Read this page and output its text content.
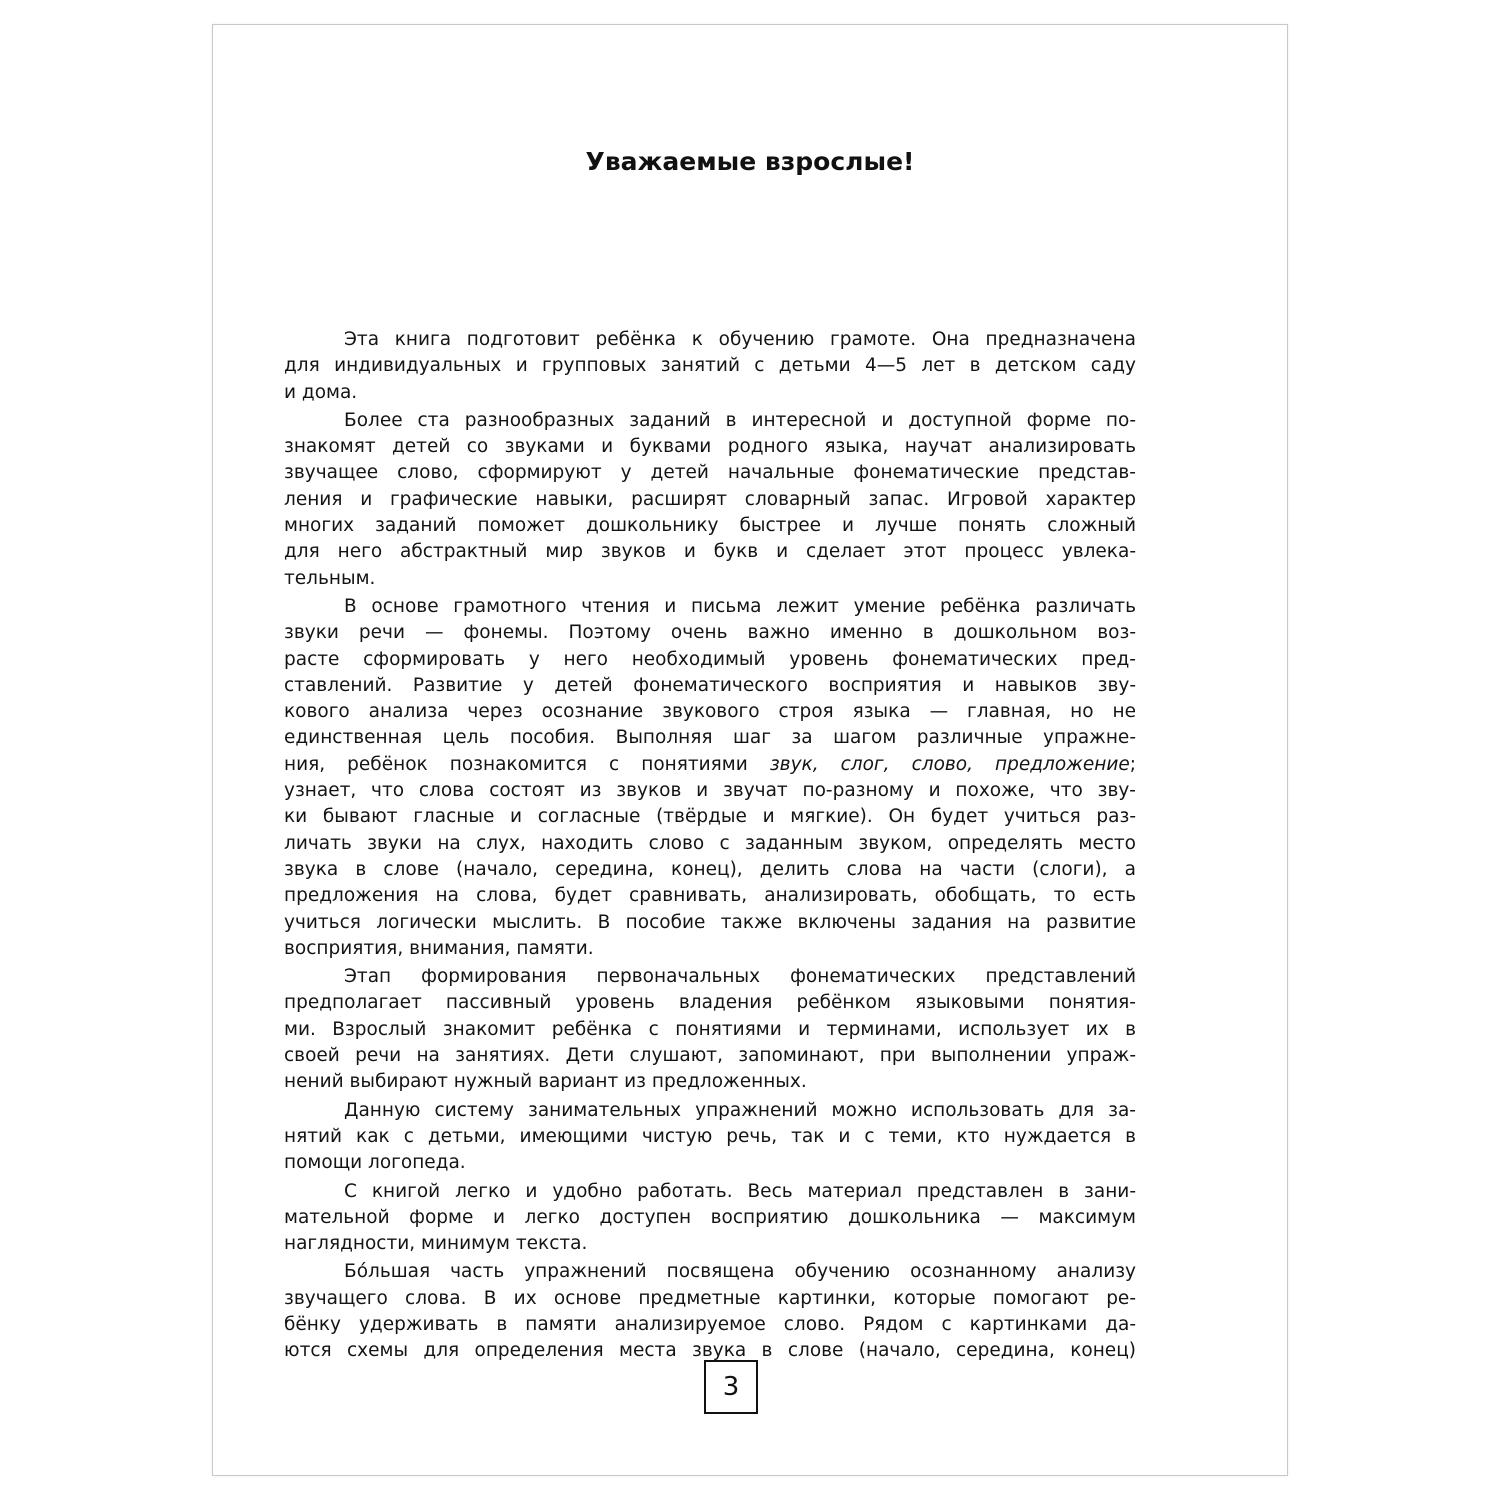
Уважаемые взрослые!
Эта книга подготовит ребёнка к обучению грамоте. Она предназначена
для индивидуальных и групповых занятий с детьми 4—5 лет в детском саду
и дома.
Более ста разнообразных заданий в интересной и доступной форме по-
знакомят детей со звуками и буквами родного языка, научат анализировать
звучащее слово, сформируют у детей начальные фонематические представ-
ления и графические навыки, расширят словарный запас. Игровой характер
многих заданий поможет дошкольнику быстрее и лучше понять сложный
для него абстрактный мир звуков и букв и сделает этот процесс увлека-
тельным.
В основе грамотного чтения и письма лежит умение ребёнка различать
звуки речи — фонемы. Поэтому очень важно именно в дошкольном воз-
расте сформировать у него необходимый уровень фонематических пред-
ставлений. Развитие у детей фонематического восприятия и навыков зву-
кового анализа через осознание звукового строя языка — главная, но не
единственная цель пособия. Выполняя шаг за шагом различные упражне-
ния, ребёнок познакомится с понятиями звук, слог, слово, предложение;
узнает, что слова состоят из звуков и звучат по-разному и похоже, что зву-
ки бывают гласные и согласные (твёрдые и мягкие). Он будет учиться раз-
личать звуки на слух, находить слово с заданным звуком, определять место
звука в слове (начало, середина, конец), делить слова на части (слоги), а
предложения на слова, будет сравнивать, анализировать, обобщать, то есть
учиться логически мыслить. В пособие также включены задания на развитие
восприятия, внимания, памяти.
Этап формирования первоначальных фонематических представлений
предполагает пассивный уровень владения ребёнком языковыми понятия-
ми. Взрослый знакомит ребёнка с понятиями и терминами, использует их в
своей речи на занятиях. Дети слушают, запоминают, при выполнении упраж-
нений выбирают нужный вариант из предложенных.
Данную систему занимательных упражнений можно использовать для за-
нятий как с детьми, имеющими чистую речь, так и с теми, кто нуждается в
помощи логопеда.
С книгой легко и удобно работать. Весь материал представлен в зани-
мательной форме и легко доступен восприятию дошкольника — максимум
наглядности, минимум текста.
Бóльшая часть упражнений посвящена обучению осознанному анализу
звучащего слова. В их основе предметные картинки, которые помогают ре-
бёнку удерживать в памяти анализируемое слово. Рядом с картинками да-
ются схемы для определения места звука в слове (начало, середина, конец)
3
